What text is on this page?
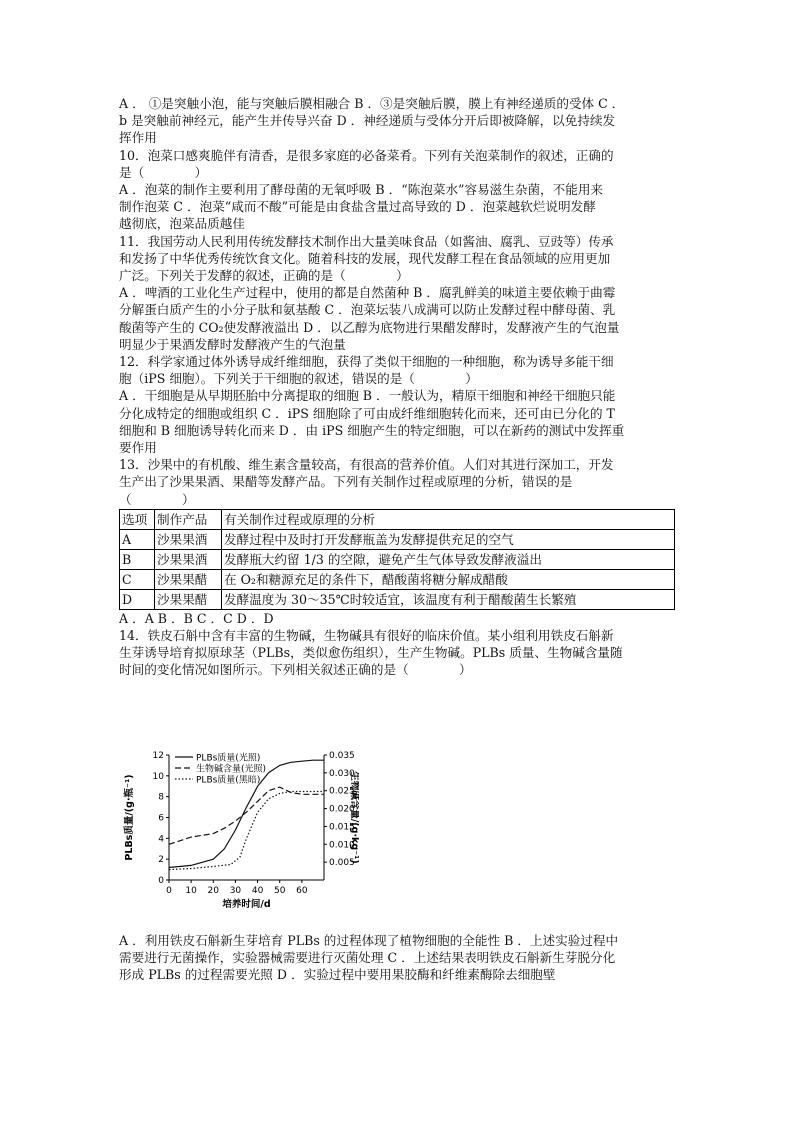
A ． ①是突触小泡，能与突触后膜相融合 B ．③是突触后膜，膜上有神经递质的受体 C ．

b 是突触前神经元，能产生并传导兴奋 D ．神经递质与受体分开后即被降解，以免持续发

挥作用

10．泡菜口感爽脆伴有清香，是很多家庭的必备菜肴。下列有关泡菜制作的叙述，正确的

是（　　　　）

A ．泡菜的制作主要利用了酵母菌的无氧呼吸 B ．“陈泡菜水”容易滋生杂菌，不能用来

制作泡菜 C ．泡菜“咸而不酸”可能是由食盐含量过高导致的 D ．泡菜越软烂说明发酵

越彻底，泡菜品质越佳

11．我国劳动人民利用传统发酵技术制作出大量美味食品（如酱油、腐乳、豆豉等）传承

和发扬了中华优秀传统饮食文化。随着科技的发展，现代发酵工程在食品领域的应用更加

广泛。下列关于发酵的叙述，正确的是（　　　　）

A ．啤酒的工业化生产过程中，使用的都是自然菌种 B ．腐乳鲜美的味道主要依赖于曲霉

分解蛋白质产生的小分子肽和氨基酸 C ．泡菜坛装八成满可以防止发酵过程中酵母菌、乳

酸菌等产生的 CO₂使发酵液溢出 D ．以乙醇为底物进行果醋发酵时，发酵液产生的气泡量

明显少于果酒发酵时发酵液产生的气泡量

12．科学家通过体外诱导成纤维细胞，获得了类似干细胞的一种细胞，称为诱导多能干细

胞（iPS 细胞）。下列关于干细胞的叙述，错误的是（　　　　）

A ．干细胞是从早期胚胎中分离提取的细胞 B ．一般认为，精原干细胞和神经干细胞只能

分化成特定的细胞或组织 C ．iPS 细胞除了可由成纤维细胞转化而来，还可由已分化的 T

细胞和 B 细胞诱导转化而来 D ．由 iPS 细胞产生的特定细胞，可以在新药的测试中发挥重

要作用

13．沙果中的有机酸、维生素含量较高，有很高的营养价值。人们对其进行深加工，开发

生产出了沙果果酒、果醋等发酵产品。下列有关制作过程或原理的分析，错误的是

（　　　　）

选项	制作产品	有关制作过程或原理的分析
A	沙果果酒	发酵过程中及时打开发酵瓶盖为发酵提供充足的空气
B	沙果果酒	发酵瓶大约留 1/3 的空隙，避免产生气体导致发酵液溢出
C	沙果果醋	在 O₂和糖源充足的条件下，醋酸菌将糖分解成醋酸
D	沙果果醋	发酵温度为 30～35℃时较适宜，该温度有利于醋酸菌生长繁殖

A ．A B ．B C ．C D ．D

14．铁皮石斛中含有丰富的生物碱，生物碱具有很好的临床价值。某小组利用铁皮石斛新

生芽诱导培育拟原球茎（PLBs，类似愈伤组织），生产生物碱。PLBs 质量、生物碱含量随

时间的变化情况如图所示。下列相关叙述正确的是（　　　　）

0 10 20 30 40 50 60
0
2
4
6
8
10
12
0.005
0.010
0.015
0.020
0.025
0.030
0.035
PLBs质量(光照)
生物碱含量(光照)
PLBs质量(黑暗)
培养时间/d
PLBs质量/(g·瓶⁻¹)	生物碱含量/(g·kg⁻¹)

A ．利用铁皮石斛新生芽培育 PLBs 的过程体现了植物细胞的全能性 B ．上述实验过程中

需要进行无菌操作，实验器械需要进行灭菌处理 C ．上述结果表明铁皮石斛新生芽脱分化

形成 PLBs 的过程需要光照 D ．实验过程中要用果胶酶和纤维素酶除去细胞壁
